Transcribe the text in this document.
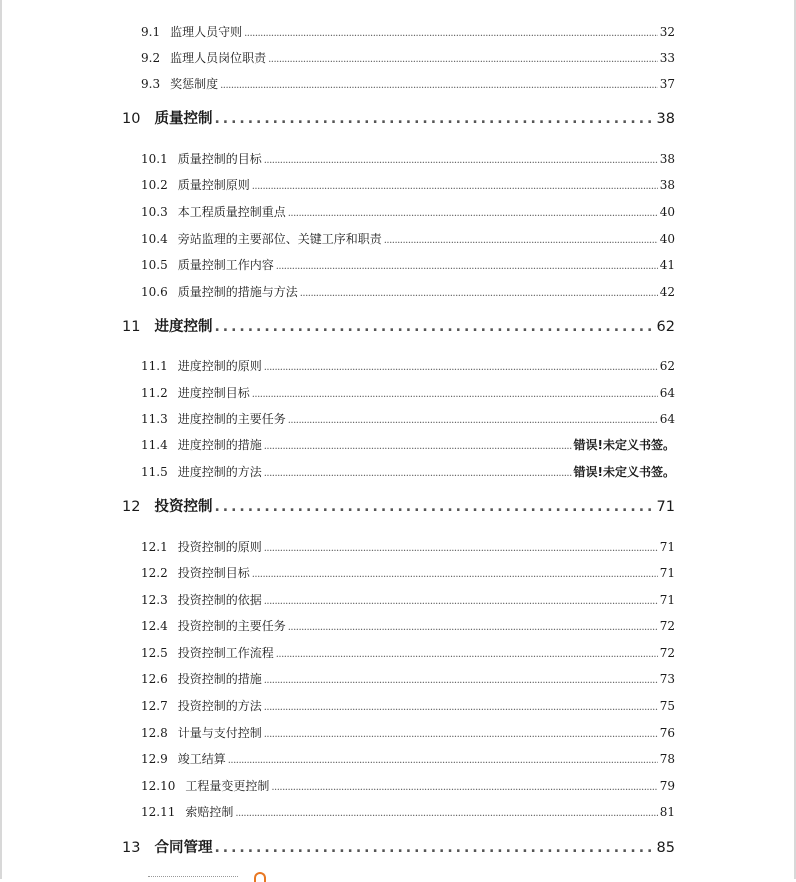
9.1 监理人员守则 .....	32
9.2 监理人员岗位职责 .....	33
9.3 奖惩制度 .....	37
10 质量控制 .....	38
10.1 质量控制的目标 .....	38
10.2 质量控制原则 .....	38
10.3 本工程质量控制重点 .....	40
10.4 旁站监理的主要部位、关键工序和职责 .....	40
10.5 质量控制工作内容 .....	41
10.6 质量控制的措施与方法 .....	42
11 进度控制 .....	62
11.1 进度控制的原则 .....	62
11.2 进度控制目标 .....	64
11.3 进度控制的主要任务 .....	64
11.4 进度控制的措施 .....	错误!未定义书签。
11.5 进度控制的方法 .....	错误!未定义书签。
12 投资控制 .....	71
12.1 投资控制的原则 .....	71
12.2 投资控制目标 .....	71
12.3 投资控制的依据 .....	71
12.4 投资控制的主要任务 .....	72
12.5 投资控制工作流程 .....	72
12.6 投资控制的措施 .....	73
12.7 投资控制的方法 .....	75
12.8 计量与支付控制 .....	76
12.9 竣工结算 .....	78
12.10 工程量变更控制 .....	79
12.11 索赔控制 .....	81
13 合同管理 .....	85
